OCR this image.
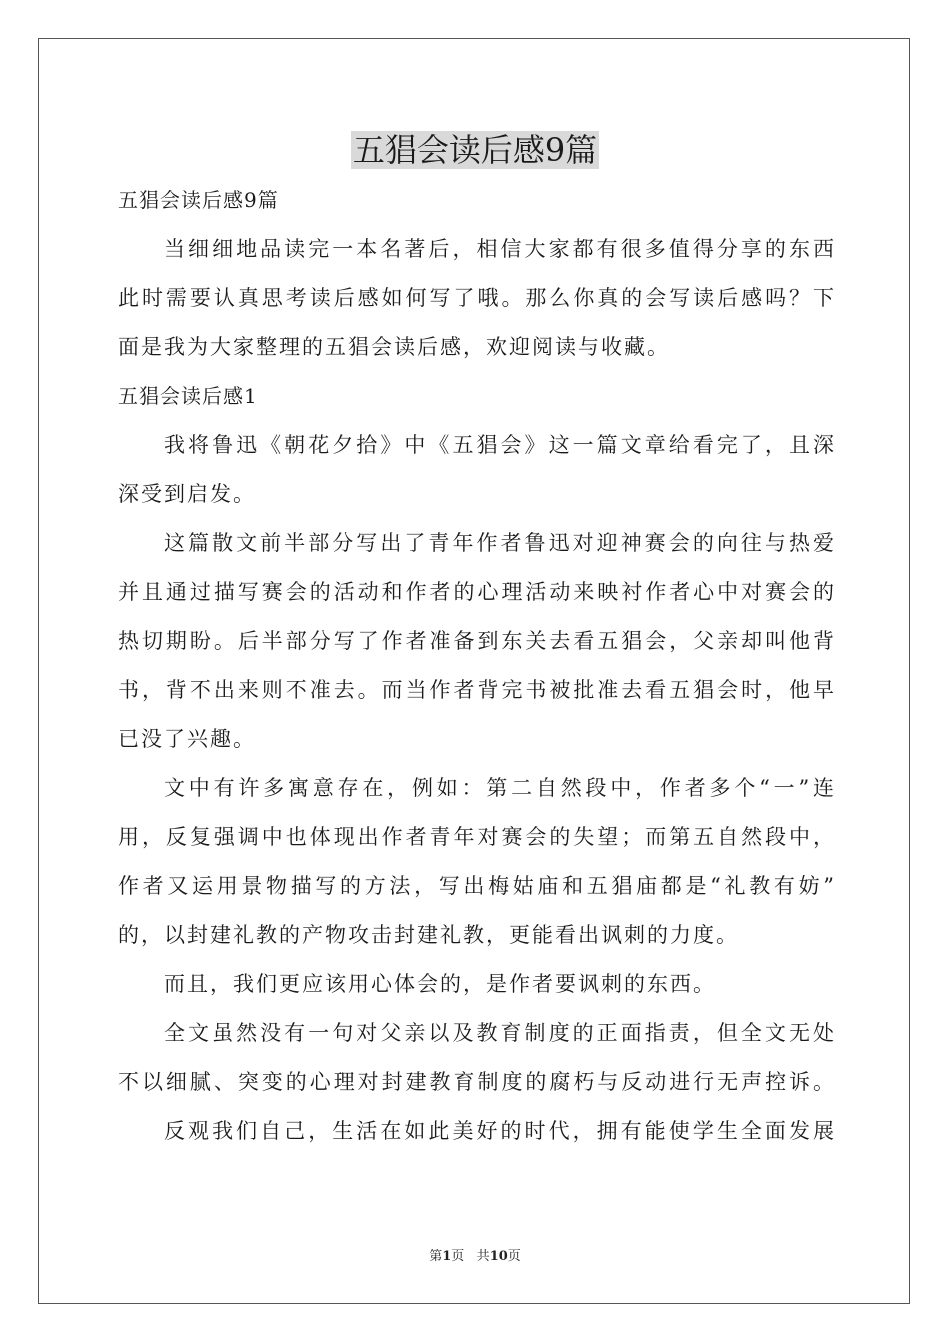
五猖会读后感9篇
五猖会读后感9篇
当细细地品读完一本名著后，相信大家都有很多值得分享的东西
此时需要认真思考读后感如何写了哦。那么你真的会写读后感吗？下
面是我为大家整理的五猖会读后感，欢迎阅读与收藏。
五猖会读后感1
我将鲁迅《朝花夕拾》中《五猖会》这一篇文章给看完了，且深
深受到启发。
这篇散文前半部分写出了青年作者鲁迅对迎神赛会的向往与热爱
并且通过描写赛会的活动和作者的心理活动来映衬作者心中对赛会的
热切期盼。后半部分写了作者准备到东关去看五猖会，父亲却叫他背
书，背不出来则不准去。而当作者背完书被批准去看五猖会时，他早
已没了兴趣。
文中有许多寓意存在，例如：第二自然段中，作者多个“一”连
用，反复强调中也体现出作者青年对赛会的失望；而第五自然段中，
作者又运用景物描写的方法，写出梅姑庙和五猖庙都是“礼教有妨”
的，以封建礼教的产物攻击封建礼教，更能看出讽刺的力度。
而且，我们更应该用心体会的，是作者要讽刺的东西。
全文虽然没有一句对父亲以及教育制度的正面指责，但全文无处
不以细腻、突变的心理对封建教育制度的腐朽与反动进行无声控诉。
反观我们自己，生活在如此美好的时代，拥有能使学生全面发展
第1页 共10页
